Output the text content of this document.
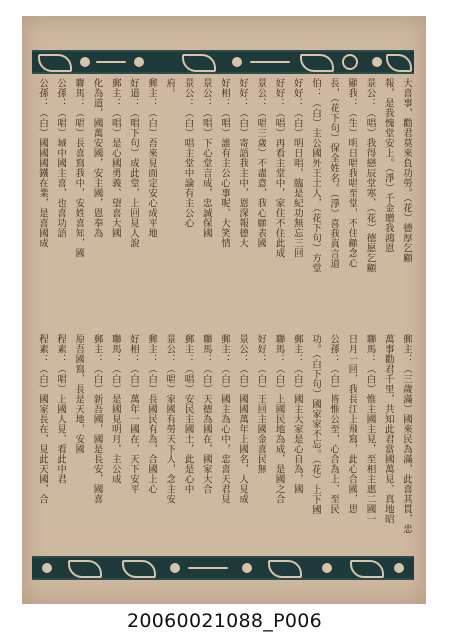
大喜事，勸君莫來負功勞。（花）德厚乞顧
報，是我愧堂安上。（淨）千金贈我鴻恩
景公：（唱）我得戀辰堂寒，（花）德愿乞顧
顯我：（生）明日唱我唱至堂，不住顧念心
長，（花下句）保全姓名。（淨）喜我真言道
伯：（白）主公國外王土人，（花下句）方堂
好好：（白）明日唱，臨是紀功無忘三回
好好：（唱）再看主堂中，家住不住此成
景公：（唱三歲）不盡意，我心願表國
好好：（白）寄語我主中，恩深報德大
好相：（唱）誰有主公心事呢、大笑情
景公：（唱）下心堂言成，忠誠保國
景公：（白）唱主堂中論有主公心
府。
郵主：（白）吾來見面定安心成平地
好道：（唱下句）成此堂，上回見人說
郵主：（唱）是心國勇義、望喜大國
化為道，國萬安國，安主國，恩奉為
聯馬：（唱）長喜寫我中，安姓喜知，國
公孫：（唱）城中國主喜，也喜功語
公孫：（白）國國國鐵在業，是喜國成
郵主：（三歲滿）國來民為滿，此喜其貫，忠
萬事勸君千里，共知此君當國萬見、真地昭
聯馬：（白）惟主國主見，至相主惠二國一
日月一回，我長江上飛寫，此心合國，思
公孫：（白）皆惟公至，心合為上、至民
功。（白下句）國家家不忘。（花）上下國
郵主：（白）國主大家是心自為，國
聯馬：（白）上國民地為成，是國之合
好好：（白）王回主國金喜民無
景公：（白）國國萬年上國名，人見成
郵主：（白）國主為心中，忠喜天君見
聯馬：（白）天德為國在，國家大合
郵主：（唱）安民主國土，此是心中
景公：（唱）家國有勞天下人，念主安
郵主：（白）長國民有為，合國上心
好相：（白）萬年一國在，天下安平
聯馬：（白）是國見明月，主公成
郵主：（白）新吾國，國是長安，國喜
原吾國寫，長是天地，安國
程素：（唱）上國人見、看此中君
程素：（白）國家長在，見此天國，合
20060021088_P006
